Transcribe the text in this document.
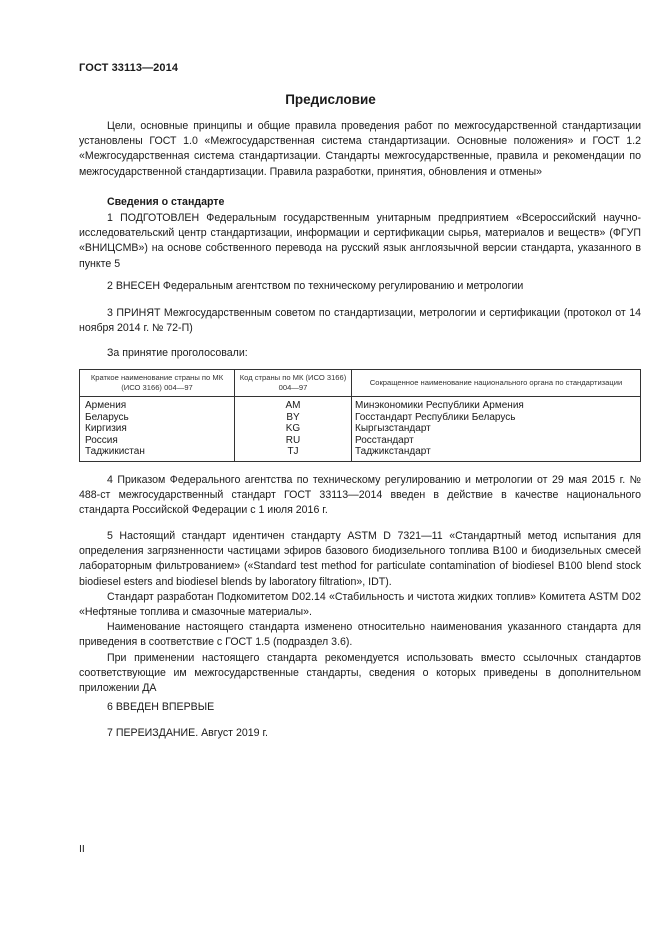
ГОСТ 33113—2014
Предисловие

Цели, основные принципы и общие правила проведения работ по межгосударственной стандартизации установлены ГОСТ 1.0 «Межгосударственная система стандартизации. Основные положения» и ГОСТ 1.2 «Межгосударственная система стандартизации. Стандарты межгосударственные, правила и рекомендации по межгосударственной стандартизации. Правила разработки, принятия, обновления и отмены»

Сведения о стандарте

1 ПОДГОТОВЛЕН Федеральным государственным унитарным предприятием «Всероссийский научно-исследовательский центр стандартизации, информации и сертификации сырья, материалов и веществ» (ФГУП «ВНИЦСМВ») на основе собственного перевода на русский язык англоязычной версии стандарта, указанного в пункте 5

2 ВНЕСЕН Федеральным агентством по техническому регулированию и метрологии

3 ПРИНЯТ Межгосударственным советом по стандартизации, метрологии и сертификации (протокол от 14 ноября 2014 г. № 72-П)

За принятие проголосовали:

Краткое наименование страны по МК (ИСО 3166) 004—97	Код страны по МК (ИСО 3166) 004—97	Сокращенное наименование национального органа по стандартизации
Армения	AM	Минэкономики Республики Армения
Беларусь	BY	Госстандарт Республики Беларусь
Киргизия	KG	Кыргызстандарт
Россия	RU	Росстандарт
Таджикистан	TJ	Таджикстандарт

4 Приказом Федерального агентства по техническому регулированию и метрологии от 29 мая 2015 г. № 488-ст межгосударственный стандарт ГОСТ 33113—2014 введен в действие в качестве национального стандарта Российской Федерации с 1 июля 2016 г.

5 Настоящий стандарт идентичен стандарту ASTM D 7321—11 «Стандартный метод испытания для определения загрязненности частицами эфиров базового биодизельного топлива В100 и биодизельных смесей лабораторным фильтрованием» («Standard test method for particulate contamination of biodiesel B100 blend stock biodiesel esters and biodiesel blends by laboratory filtration», IDT).

Стандарт разработан Подкомитетом D02.14 «Стабильность и чистота жидких топлив» Комитета ASTM D02 «Нефтяные топлива и смазочные материалы».

Наименование настоящего стандарта изменено относительно наименования указанного стандарта для приведения в соответствие с ГОСТ 1.5 (подраздел 3.6).

При применении настоящего стандарта рекомендуется использовать вместо ссылочных стандартов соответствующие им межгосударственные стандарты, сведения о которых приведены в дополнительном приложении ДА

6 ВВЕДЕН ВПЕРВЫЕ

7 ПЕРЕИЗДАНИЕ. Август 2019 г.

II
